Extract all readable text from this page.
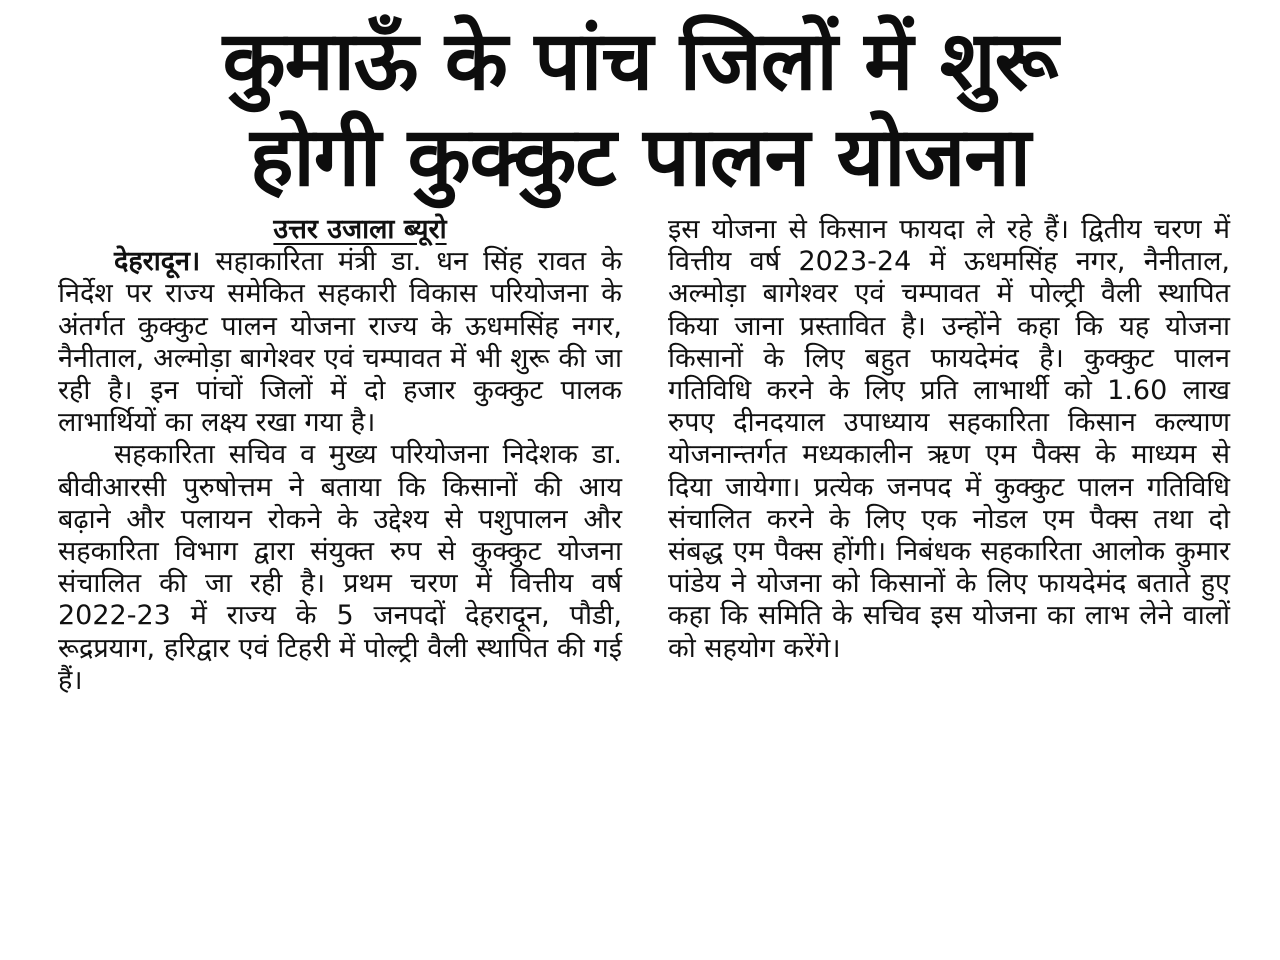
कुमाऊँ के पांच जिलों में शुरू
होगी कुक्कुट पालन योजना

उत्तर उजाला ब्यूरो

देहरादून। सहाकारिता मंत्री डा. धन सिंह रावत के निर्देश पर राज्य समेकित सहकारी विकास परियोजना के अंतर्गत कुक्कुट पालन योजना राज्य के ऊधमसिंह नगर, नैनीताल, अल्मोड़ा बागेश्वर एवं चम्पावत में भी शुरू की जा रही है। इन पांचों जिलों में दो हजार कुक्कुट पालक लाभार्थियों का लक्ष्य रखा गया है।

सहकारिता सचिव व मुख्य परियोजना निदेशक डा. बीवीआरसी पुरुषोत्तम ने बताया कि किसानों की आय बढ़ाने और पलायन रोकने के उद्देश्य से पशुपालन और सहकारिता विभाग द्वारा संयुक्त रुप से कुक्कुट योजना संचालित की जा रही है। प्रथम चरण में वित्तीय वर्ष 2022-23 में राज्य के 5 जनपदों देहरादून, पौडी, रूद्रप्रयाग, हरिद्वार एवं टिहरी में पोल्ट्री वैली स्थापित की गई हैं।

इस योजना से किसान फायदा ले रहे हैं। द्वितीय चरण में वित्तीय वर्ष 2023-24 में ऊधमसिंह नगर, नैनीताल, अल्मोड़ा बागेश्वर एवं चम्पावत में पोल्ट्री वैली स्थापित किया जाना प्रस्तावित है। उन्होंने कहा कि यह योजना किसानों के लिए बहुत फायदेमंद है। कुक्कुट पालन गतिविधि करने के लिए प्रति लाभार्थी को 1.60 लाख रुपए दीनदयाल उपाध्याय सहकारिता किसान कल्याण योजनान्तर्गत मध्यकालीन ऋण एम पैक्स के माध्यम से दिया जायेगा। प्रत्येक जनपद में कुक्कुट पालन गतिविधि संचालित करने के लिए एक नोडल एम पैक्स तथा दो संबद्ध एम पैक्स होंगी। निबंधक सहकारिता आलोक कुमार पांडेय ने योजना को किसानों के लिए फायदेमंद बताते हुए कहा कि समिति के सचिव इस योजना का लाभ लेने वालों को सहयोग करेंगे।
